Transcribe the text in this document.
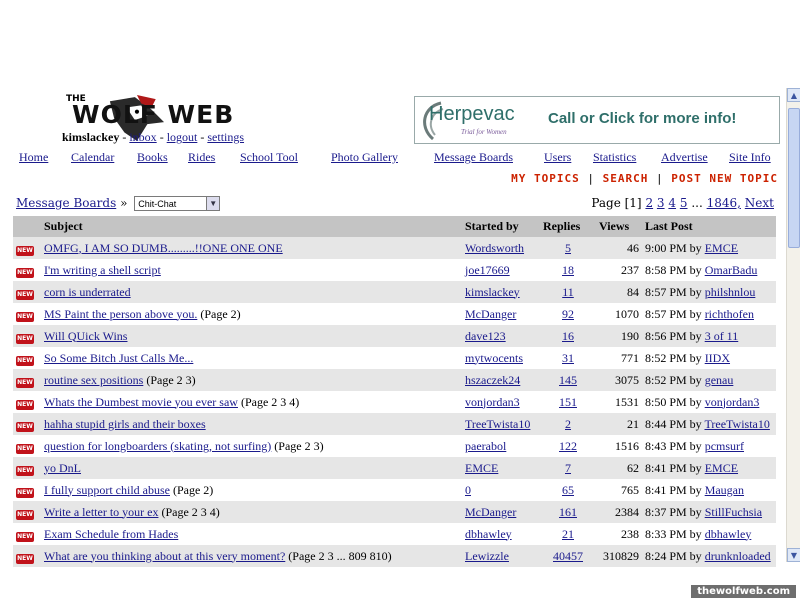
THE
WOLF WEB
kimslackey - inbox - logout - settings
Herpevac
Trial for Women
Call or Click for more info!
Home Calendar Books Rides School Tool	Photo Gallery	Message Boards	Users Statistics Advertise Site Info
MY TOPICS | SEARCH | POST NEW TOPIC
Message Boards » Chit-Chat	▼	Page [1] 2 3 4 5 ... 1846, Next
	Subject	Started by	Replies	Views	Last Post
NEW	OMFG, I AM SO DUMB.........!!ONE ONE ONE	Wordsworth	5	46	9:00 PM by EMCE
NEW	I'm writing a shell script	joe17669	18	237	8:58 PM by OmarBadu
NEW	corn is underrated	kimslackey	11	84	8:57 PM by philshnlou
NEW	MS Paint the person above you. (Page 2)	McDanger	92	1070	8:57 PM by richthofen
NEW	Will QUick Wins	dave123	16	190	8:56 PM by 3 of 11
NEW	So Some Bitch Just Calls Me...	mytwocents	31	771	8:52 PM by IIDX
NEW	routine sex positions (Page 2 3)	hszaczek24	145	3075	8:52 PM by genau
NEW	Whats the Dumbest movie you ever saw (Page 2 3 4)	vonjordan3	151	1531	8:50 PM by vonjordan3
NEW	hahha stupid girls and their boxes	TreeTwista10	2	21	8:44 PM by TreeTwista10
NEW	question for longboarders (skating, not surfing) (Page 2 3)	paerabol	122	1516	8:43 PM by pcmsurf
NEW	yo DnL	EMCE	7	62	8:41 PM by EMCE
NEW	I fully support child abuse (Page 2)	0	65	765	8:41 PM by Maugan
NEW	Write a letter to your ex (Page 2 3 4)	McDanger	161	2384	8:37 PM by StillFuchsia
NEW	Exam Schedule from Hades	dbhawley	21	238	8:33 PM by dbhawley
NEW	What are you thinking about at this very moment? (Page 2 3 ... 809 810)	Lewizzle	40457	310829	8:24 PM by drunknloaded
▲
▼
thewolfweb.com
